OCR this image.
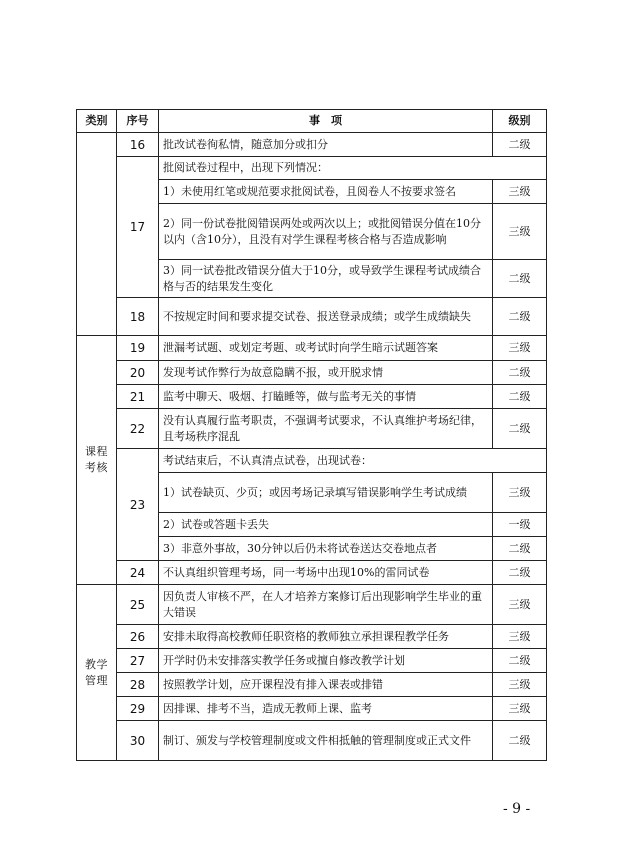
类别	序号	事　项	级别

	16	批改试卷徇私情，随意加分或扣分	二级
	17	批阅试卷过程中，出现下列情况：	
		1）未使用红笔或规范要求批阅试卷，且阅卷人不按要求签名	三级
		2）同一份试卷批阅错误两处或两次以上；或批阅错误分值在10分以内（含10分），且没有对学生课程考核合格与否造成影响	三级
		3）同一试卷批改错误分值大于10分，或导致学生课程考试成绩合格与否的结果发生变化	二级
	18	不按规定时间和要求提交试卷、报送登录成绩；或学生成绩缺失	二级

课程考核	19	泄漏考试题、或划定考题、或考试时向学生暗示试题答案	三级
	20	发现考试作弊行为故意隐瞒不报，或开脱求情	二级
	21	监考中聊天、吸烟、打瞌睡等，做与监考无关的事情	二级
	22	没有认真履行监考职责，不强调考试要求，不认真维护考场纪律，且考场秩序混乱	二级
	23	考试结束后，不认真清点试卷，出现试卷：	
		1）试卷缺页、少页；或因考场记录填写错误影响学生考试成绩	三级
		2）试卷或答题卡丢失	一级
		3）非意外事故，30分钟以后仍未将试卷送达交卷地点者	二级
	24	不认真组织管理考场，同一考场中出现10%的雷同试卷	二级

教学管理	25	因负责人审核不严，在人才培养方案修订后出现影响学生毕业的重大错误	三级
	26	安排未取得高校教师任职资格的教师独立承担课程教学任务	三级
	27	开学时仍未安排落实教学任务或擅自修改教学计划	二级
	28	按照教学计划，应开课程没有排入课表或排错	三级
	29	因排课、排考不当，造成无教师上课、监考	三级
	30	制订、颁发与学校管理制度或文件相抵触的管理制度或正式文件	二级
- 9 -
